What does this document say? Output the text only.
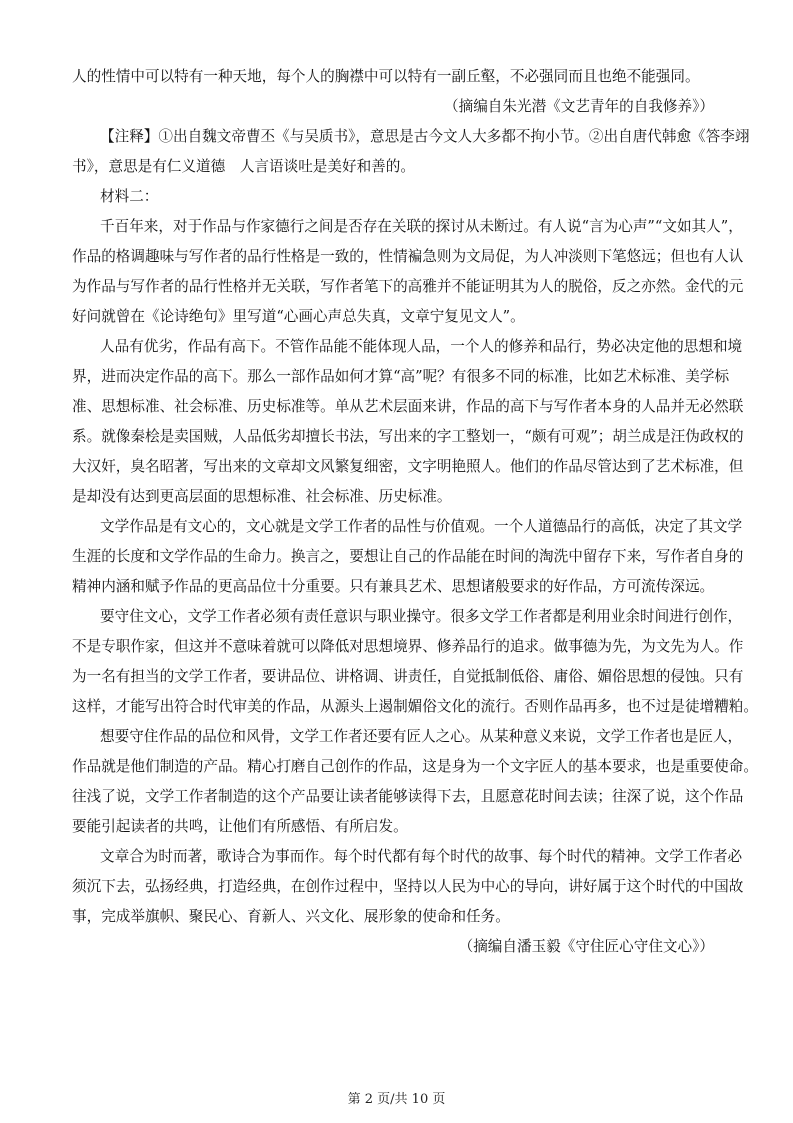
人的性情中可以特有一种天地，每个人的胸襟中可以特有一副丘壑，不必强同而且也绝不能强同。
（摘编自朱光潜《文艺青年的自我修养》）
【注释】①出自魏文帝曹丕《与吴质书》，意思是古今文人大多都不拘小节。②出自唐代韩愈《答李翊
书》，意思是有仁义道德　人言语谈吐是美好和善的。
材料二：
千百年来，对于作品与作家德行之间是否存在关联的探讨从未断过。有人说“言为心声”“文如其人”，
作品的格调趣味与写作者的品行性格是一致的，性情褊急则为文局促，为人冲淡则下笔悠远；但也有人认
为作品与写作者的品行性格并无关联，写作者笔下的高雅并不能证明其为人的脱俗，反之亦然。金代的元
好问就曾在《论诗绝句》里写道“心画心声总失真，文章宁复见文人”。
人品有优劣，作品有高下。不管作品能不能体现人品，一个人的修养和品行，势必决定他的思想和境
界，进而决定作品的高下。那么一部作品如何才算“高”呢？有很多不同的标准，比如艺术标准、美学标
准、思想标准、社会标准、历史标准等。单从艺术层面来讲，作品的高下与写作者本身的人品并无必然联
系。就像秦桧是卖国贼，人品低劣却擅长书法，写出来的字工整划一，“颇有可观”；胡兰成是汪伪政权的
大汉奸，臭名昭著，写出来的文章却文风繁复细密，文字明艳照人。他们的作品尽管达到了艺术标准，但
是却没有达到更高层面的思想标准、社会标准、历史标准。
文学作品是有文心的，文心就是文学工作者的品性与价值观。一个人道德品行的高低，决定了其文学
生涯的长度和文学作品的生命力。换言之，要想让自己的作品能在时间的淘洗中留存下来，写作者自身的
精神内涵和赋予作品的更高品位十分重要。只有兼具艺术、思想诸般要求的好作品，方可流传深远。
要守住文心，文学工作者必须有责任意识与职业操守。很多文学工作者都是利用业余时间进行创作，
不是专职作家，但这并不意味着就可以降低对思想境界、修养品行的追求。做事德为先，为文先为人。作
为一名有担当的文学工作者，要讲品位、讲格调、讲责任，自觉抵制低俗、庸俗、媚俗思想的侵蚀。只有
这样，才能写出符合时代审美的作品，从源头上遏制媚俗文化的流行。否则作品再多，也不过是徒增糟粕。
想要守住作品的品位和风骨，文学工作者还要有匠人之心。从某种意义来说，文学工作者也是匠人，
作品就是他们制造的产品。精心打磨自己创作的作品，这是身为一个文字匠人的基本要求，也是重要使命。
往浅了说，文学工作者制造的这个产品要让读者能够读得下去，且愿意花时间去读；往深了说，这个作品
要能引起读者的共鸣，让他们有所感悟、有所启发。
文章合为时而著，歌诗合为事而作。每个时代都有每个时代的故事、每个时代的精神。文学工作者必
须沉下去，弘扬经典，打造经典，在创作过程中，坚持以人民为中心的导向，讲好属于这个时代的中国故
事，完成举旗帜、聚民心、育新人、兴文化、展形象的使命和任务。
（摘编自潘玉毅《守住匠心守住文心》）
第 2 页/共 10 页
